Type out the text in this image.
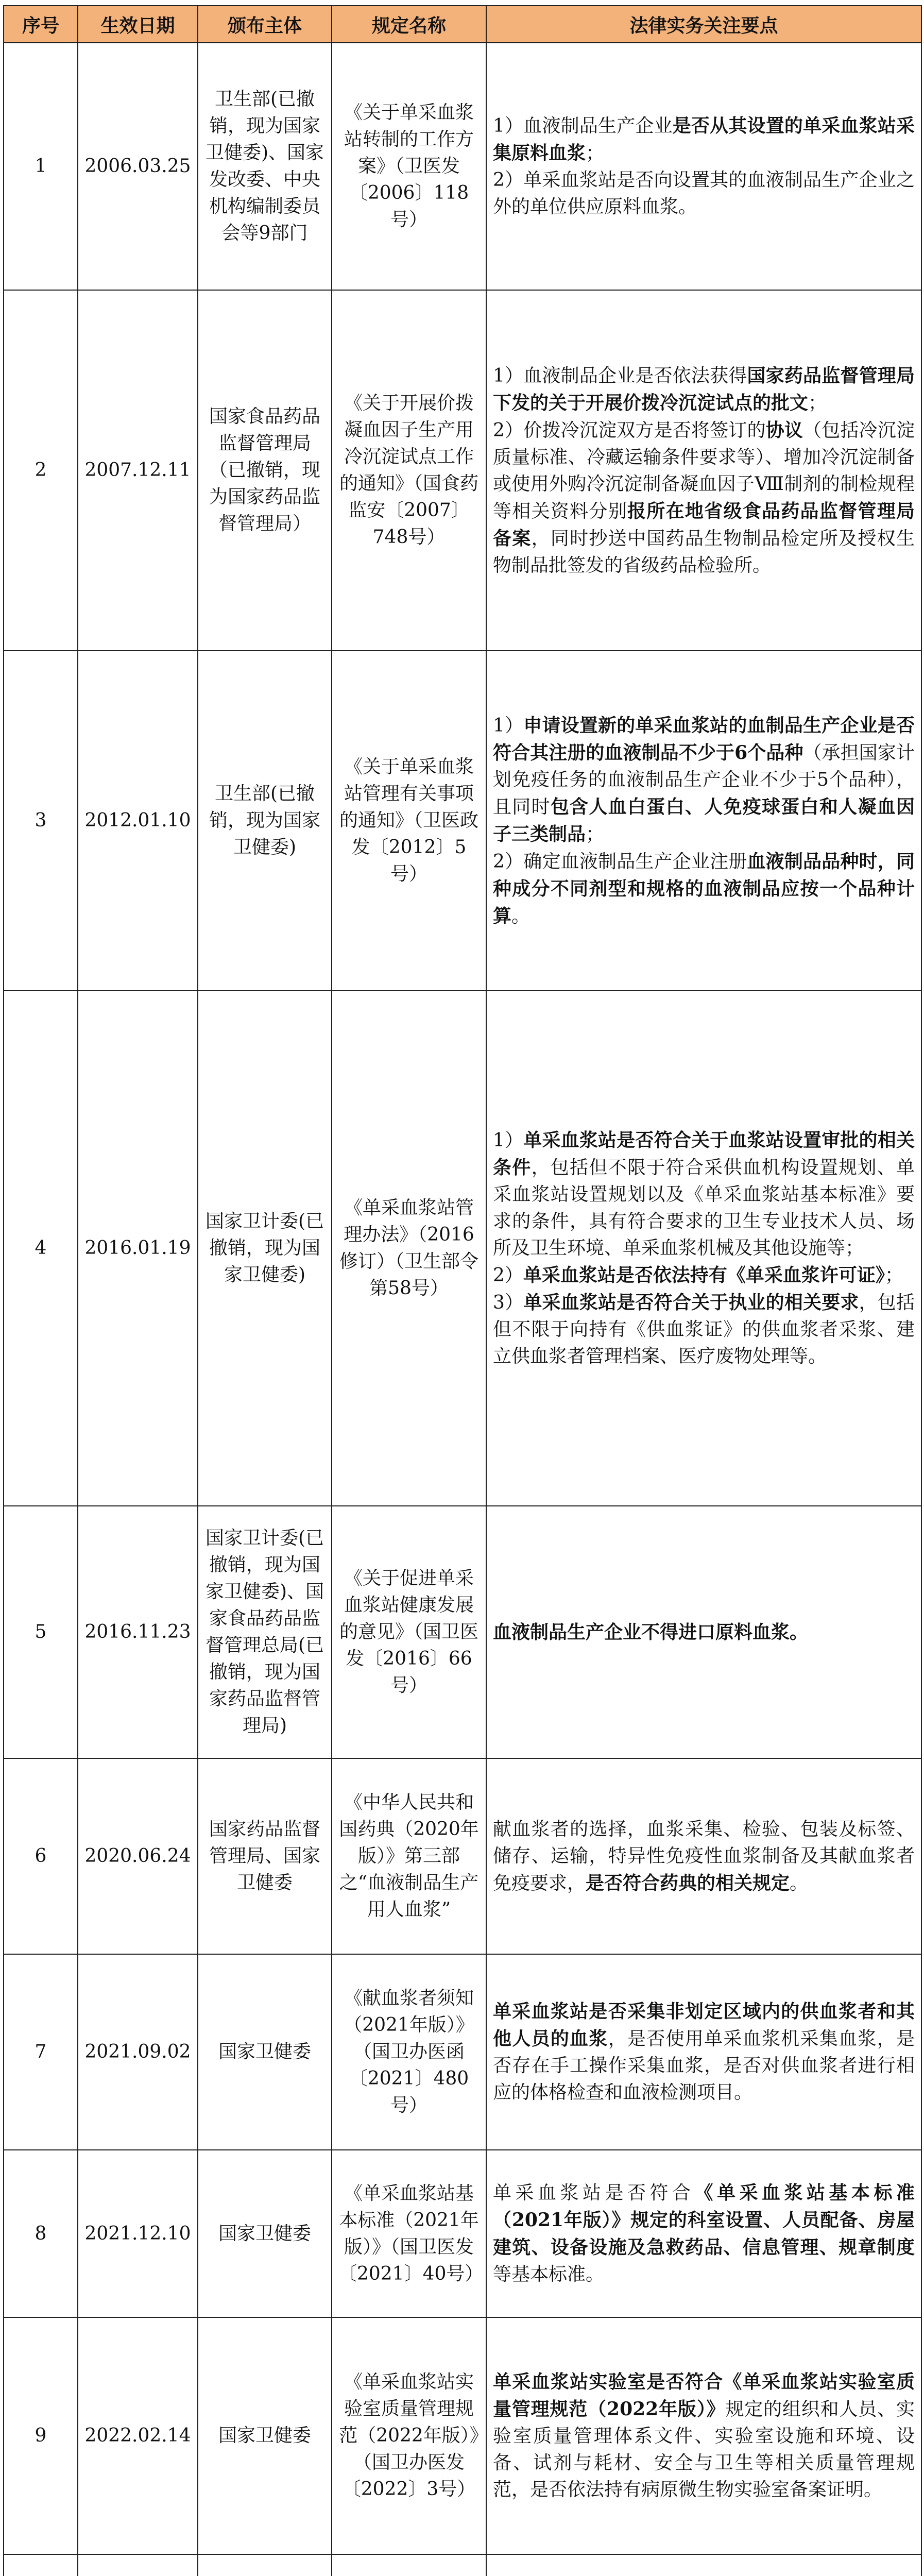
序号	生效日期	颁布主体	规定名称	法律实务关注要点
1	2006.03.25	卫生部(已撤销，现为国家卫健委)、国家发改委、中央机构编制委员会等9部门	《关于单采血浆站转制的工作方案》（卫医发〔2006〕118号）	1）血液制品生产企业是否从其设置的单采血浆站采集原料血浆；
2）单采血浆站是否向设置其的血液制品生产企业之外的单位供应原料血浆。

2	2007.12.11	国家食品药品监督管理局（已撤销，现为国家药品监督管理局）	《关于开展价拨凝血因子生产用冷沉淀试点工作的通知》（国食药监安〔2007〕748号）	1）血液制品企业是否依法获得国家药品监督管理局下发的关于开展价拨冷沉淀试点的批文；
2）价拨冷沉淀双方是否将签订的协议（包括冷沉淀质量标准、冷藏运输条件要求等）、增加冷沉淀制备或使用外购冷沉淀制备凝血因子Ⅷ制剂的制检规程等相关资料分别报所在地省级食品药品监督管理局备案，同时抄送中国药品生物制品检定所及授权生物制品批签发的省级药品检验所。

3	2012.01.10	卫生部(已撤销，现为国家卫健委)	《关于单采血浆站管理有关事项的通知》（卫医政发〔2012〕5号）	1）申请设置新的单采血浆站的血制品生产企业是否符合其注册的血液制品不少于6个品种（承担国家计划免疫任务的血液制品生产企业不少于5个品种），且同时包含人血白蛋白、人免疫球蛋白和人凝血因子三类制品；
2）确定血液制品生产企业注册血液制品品种时，同种成分不同剂型和规格的血液制品应按一个品种计算。

4	2016.01.19	国家卫计委(已撤销，现为国家卫健委)	《单采血浆站管理办法》（2016修订）（卫生部令第58号）	1）单采血浆站是否符合关于血浆站设置审批的相关条件，包括但不限于符合采供血机构设置规划、单采血浆站设置规划以及《单采血浆站基本标准》要求的条件，具有符合要求的卫生专业技术人员、场所及卫生环境、单采血浆机械及其他设施等；
2）单采血浆站是否依法持有《单采血浆许可证》；
3）单采血浆站是否符合关于执业的相关要求，包括但不限于向持有《供血浆证》的供血浆者采浆、建立供血浆者管理档案、医疗废物处理等。

5	2016.11.23	国家卫计委(已撤销，现为国家卫健委)、国家食品药品监督管理总局(已撤销，现为国家药品监督管理局)	《关于促进单采血浆站健康发展的意见》（国卫医发〔2016〕66号）	血液制品生产企业不得进口原料血浆。

6	2020.06.24	国家药品监督管理局、国家卫健委	《中华人民共和国药典（2020年版）》第三部之“血液制品生产用人血浆”	献血浆者的选择，血浆采集、检验、包装及标签、储存、运输，特异性免疫性血浆制备及其献血浆者免疫要求，是否符合药典的相关规定。

7	2021.09.02	国家卫健委	《献血浆者须知（2021年版）》（国卫办医函〔2021〕480号）	单采血浆站是否采集非划定区域内的供血浆者和其他人员的血浆，是否使用单采血浆机采集血浆，是否存在手工操作采集血浆，是否对供血浆者进行相应的体格检查和血液检测项目。

8	2021.12.10	国家卫健委	《单采血浆站基本标准（2021年版）》（国卫医发〔2021〕40号）	单采血浆站是否符合《单采血浆站基本标准（2021年版）》规定的科室设置、人员配备、房屋建筑、设备设施及急救药品、信息管理、规章制度等基本标准。

9	2022.02.14	国家卫健委	《单采血浆站实验室质量管理规范（2022年版）》（国卫办医发〔2022〕3号）	单采血浆站实验室是否符合《单采血浆站实验室质量管理规范（2022年版）》规定的组织和人员、实验室质量管理体系文件、实验室设施和环境、设备、试剂与耗材、安全与卫生等相关质量管理规范，是否依法持有病原微生物实验室备案证明。
